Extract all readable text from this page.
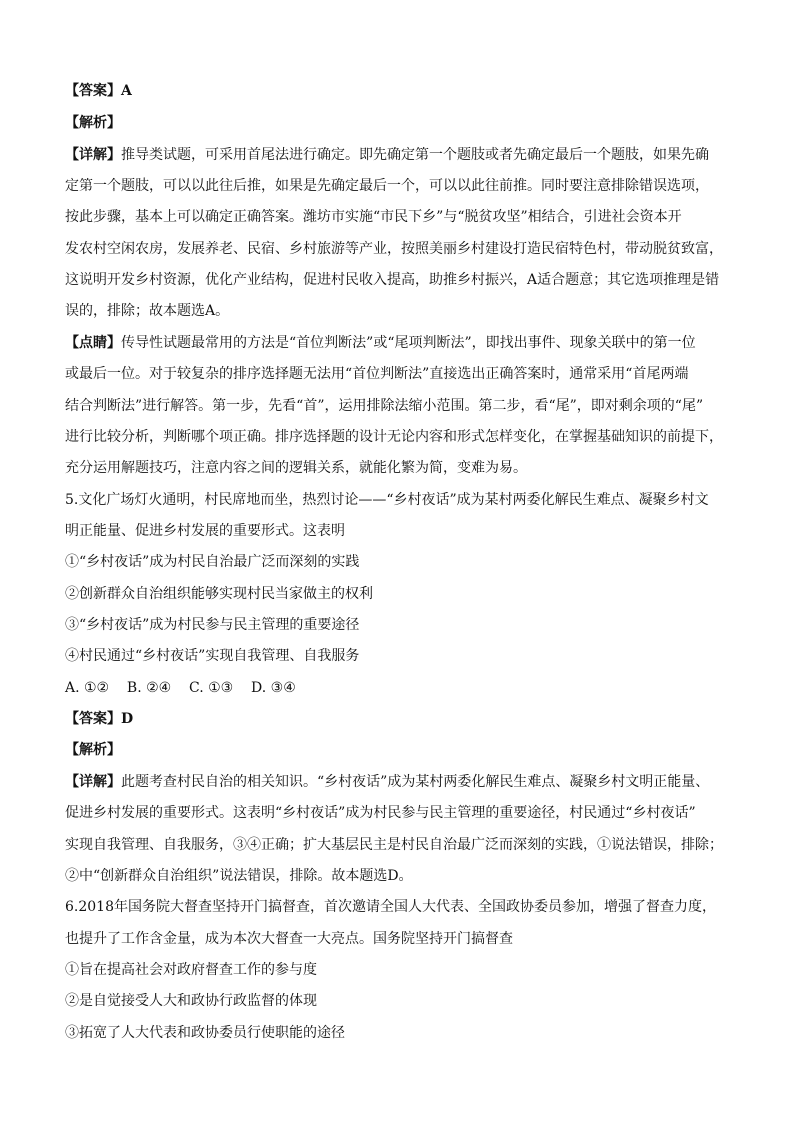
【答案】A
【解析】
【详解】推导类试题，可采用首尾法进行确定。即先确定第一个题肢或者先确定最后一个题肢，如果先确
定第一个题肢，可以以此往后推，如果是先确定最后一个，可以以此往前推。同时要注意排除错误选项，
按此步骤，基本上可以确定正确答案。潍坊市实施“市民下乡”与“脱贫攻坚”相结合，引进社会资本开
发农村空闲农房，发展养老、民宿、乡村旅游等产业，按照美丽乡村建设打造民宿特色村，带动脱贫致富，
这说明开发乡村资源，优化产业结构，促进村民收入提高，助推乡村振兴，A适合题意；其它选项推理是错
误的，排除；故本题选A。
【点睛】传导性试题最常用的方法是“首位判断法”或“尾项判断法”，即找出事件、现象关联中的第一位
或最后一位。对于较复杂的排序选择题无法用“首位判断法”直接选出正确答案时，通常采用“首尾两端
结合判断法”进行解答。第一步，先看“首”，运用排除法缩小范围。第二步，看“尾”，即对剩余项的“尾”
进行比较分析，判断哪个项正确。排序选择题的设计无论内容和形式怎样变化，在掌握基础知识的前提下，
充分运用解题技巧，注意内容之间的逻辑关系，就能化繁为简，变难为易。
5.文化广场灯火通明，村民席地而坐，热烈讨论——“乡村夜话”成为某村两委化解民生难点、凝聚乡村文
明正能量、促进乡村发展的重要形式。这表明
①“乡村夜话”成为村民自治最广泛而深刻的实践
②创新群众自治组织能够实现村民当家做主的权利
③“乡村夜话”成为村民参与民主管理的重要途径
④村民通过“乡村夜话”实现自我管理、自我服务
A. ①②    B. ②④    C. ①③    D. ③④
【答案】D
【解析】
【详解】此题考查村民自治的相关知识。“乡村夜话”成为某村两委化解民生难点、凝聚乡村文明正能量、
促进乡村发展的重要形式。这表明“乡村夜话”成为村民参与民主管理的重要途径，村民通过“乡村夜话”
实现自我管理、自我服务，③④正确；扩大基层民主是村民自治最广泛而深刻的实践，①说法错误，排除；
②中“创新群众自治组织”说法错误，排除。故本题选D。
6.2018年国务院大督查坚持开门搞督查，首次邀请全国人大代表、全国政协委员参加，增强了督查力度，
也提升了工作含金量，成为本次大督查一大亮点。国务院坚持开门搞督查
①旨在提高社会对政府督查工作的参与度
②是自觉接受人大和政协行政监督的体现
③拓宽了人大代表和政协委员行使职能的途径
